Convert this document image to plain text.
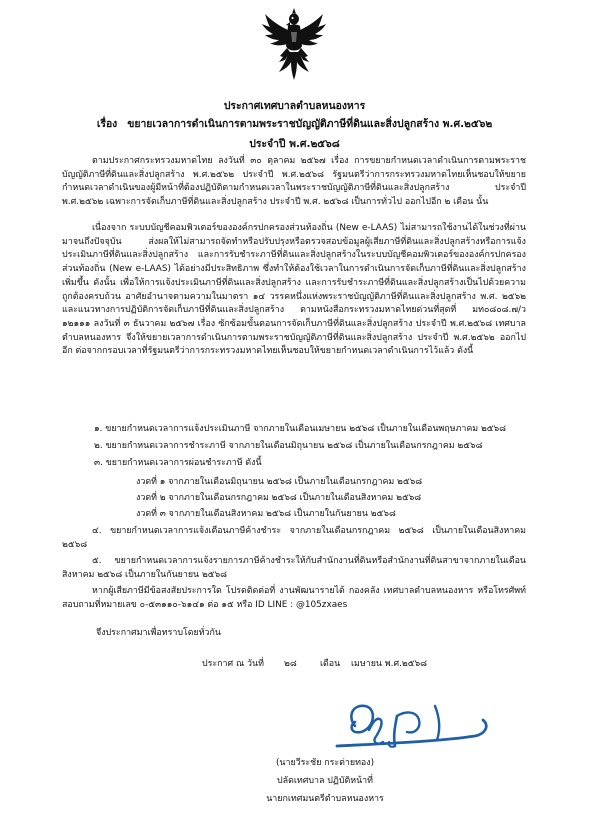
ประกาศเทศบาลตำบลหนองหาร
เรื่อง ขยายเวลาการดำเนินการตามพระราชบัญญัติภาษีที่ดินและสิ่งปลูกสร้าง พ.ศ.๒๕๖๒
ประจำปี พ.ศ.๒๕๖๘

ตามประกาศกระทรวงมหาดไทย ลงวันที่ ๓๐ ตุลาคม ๒๕๖๗ เรื่อง การขยายกำหนดเวลาดำเนินการตามพระราชบัญญัติภาษีที่ดินและสิ่งปลูกสร้าง พ.ศ.๒๕๖๒ ประจำปี พ.ศ.๒๕๖๘ รัฐมนตรีว่าการกระทรวงมหาดไทยเห็นชอบให้ขยายกำหนดเวลาดำเนินของผู้มีหน้าที่ต้องปฏิบัติตามกำหนดเวลาในพระราชบัญญัติภาษีที่ดินและสิ่งปลูกสร้าง ประจำปี พ.ศ.๒๕๖๒ เฉพาะการจัดเก็บภาษีที่ดินและสิ่งปลูกสร้าง ประจำปี พ.ศ. ๒๕๖๘ เป็นการทั่วไป ออกไปอีก ๒ เดือน นั้น

เนื่องจาก ระบบบัญชีคอมพิวเตอร์ขององค์กรปกครองส่วนท้องถิ่น (New e-LAAS) ไม่สามารถใช้งานได้ในช่วงที่ผ่านมาจนถึงปัจจุบัน ส่งผลให้ไม่สามารถจัดทำหรือปรับปรุงหรือตรวจสอบข้อมูลผู้เสียภาษีที่ดินและสิ่งปลูกสร้างหรือการแจ้งประเมินภาษีที่ดินและสิ่งปลูกสร้าง และการรับชำระภาษีที่ดินและสิ่งปลูกสร้างในระบบบัญชีคอมพิวเตอร์ขององค์กรปกครองส่วนท้องถิ่น (New e-LAAS) ได้อย่างมีประสิทธิภาพ ซึ่งทำให้ต้องใช้เวลาในการดำเนินการจัดเก็บภาษีที่ดินและสิ่งปลูกสร้างเพิ่มขึ้น ดังนั้น เพื่อให้การแจ้งประเมินภาษีที่ดินและสิ่งปลูกสร้าง และการรับชำระภาษีที่ดินและสิ่งปลูกสร้างเป็นไปด้วยความถูกต้องครบถ้วน อาศัยอำนาจตามความในมาตรา ๑๔ วรรคหนึ่งแห่งพระราชบัญญัติภาษีที่ดินและสิ่งปลูกสร้าง พ.ศ. ๒๕๖๒ และแนวทางการปฏิบัติการจัดเก็บภาษีที่ดินและสิ่งปลูกสร้าง ตามหนังสือกระทรวงมหาดไทยด่วนที่สุดที่ มท๐๘๐๘.๗/ว ๑๒๑๑๑ ลงวันที่ ๓ ธันวาคม ๒๕๖๗ เรื่อง ซักซ้อมขั้นตอนการจัดเก็บภาษีที่ดินและสิ่งปลูกสร้าง ประจำปี พ.ศ.๒๕๖๘ เทศบาลตำบลหนองหาร จึงให้ขยายเวลาการดำเนินการตามพระราชบัญญัติภาษีที่ดินและสิ่งปลูกสร้าง ประจำปี พ.ศ.๒๕๖๒ ออกไปอีก ต่อจากกรอบเวลาที่รัฐมนตรีว่าการกระทรวงมหาดไทยเห็นชอบให้ขยายกำหนดเวลาดำเนินการไว้แล้ว ดังนี้

๑. ขยายกำหนดเวลาการแจ้งประเมินภาษี จากภายในเดือนเมษายน ๒๕๖๘ เป็นภายในเดือนพฤษภาคม ๒๕๖๘
๒. ขยายกำหนดเวลาการชำระภาษี จากภายในเดือนมิถุนายน ๒๕๖๘ เป็นภายในเดือนกรกฎาคม ๒๕๖๘
๓. ขยายกำหนดเวลาการผ่อนชำระภาษี ดังนี้
งวดที่ ๑ จากภายในเดือนมิถุนายน ๒๕๖๘ เป็นภายในเดือนกรกฎาคม ๒๕๖๘
งวดที่ ๒ จากภายในเดือนกรกฎาคม ๒๕๖๘ เป็นภายในเดือนสิงหาคม ๒๕๖๘
งวดที่ ๓ จากภายในเดือนสิงหาคม ๒๕๖๘ เป็นภายในกันยายน ๒๕๖๘

๔. ขยายกำหนดเวลาการแจ้งเตือนภาษีค้างชำระ จากภายในเดือนกรกฎาคม ๒๕๖๘ เป็นภายในเดือนสิงหาคม ๒๕๖๘

๕. ขยายกำหนดเวลาการแจ้งรายการภาษีค้างชำระให้กับสำนักงานที่ดินหรือสำนักงานที่ดินสาขาจากภายในเดือนสิงหาคม ๒๕๖๘ เป็นภายในกันยายน ๒๕๖๘

หากผู้เสียภาษีมีข้อสงสัยประการใด โปรดติดต่อที่ งานพัฒนารายได้ กองคลัง เทศบาลตำบลหนองหาร หรือโทรศัพท์สอบถามที่หมายเลข ๐-๕๓๑๑๐-๖๑๔๑ ต่อ ๑๕ หรือ ID LINE : @105zxaes

จึงประกาศมาเพื่อทราบโดยทั่วกัน
ประกาศ ณ วันที่ ๒๘	เดือน เมษายน พ.ศ.๒๕๖๘
(นายวีระชัย กระต่ายทอง)
ปลัดเทศบาล ปฏิบัติหน้าที่
นายกเทศมนตรีตำบลหนองหาร
